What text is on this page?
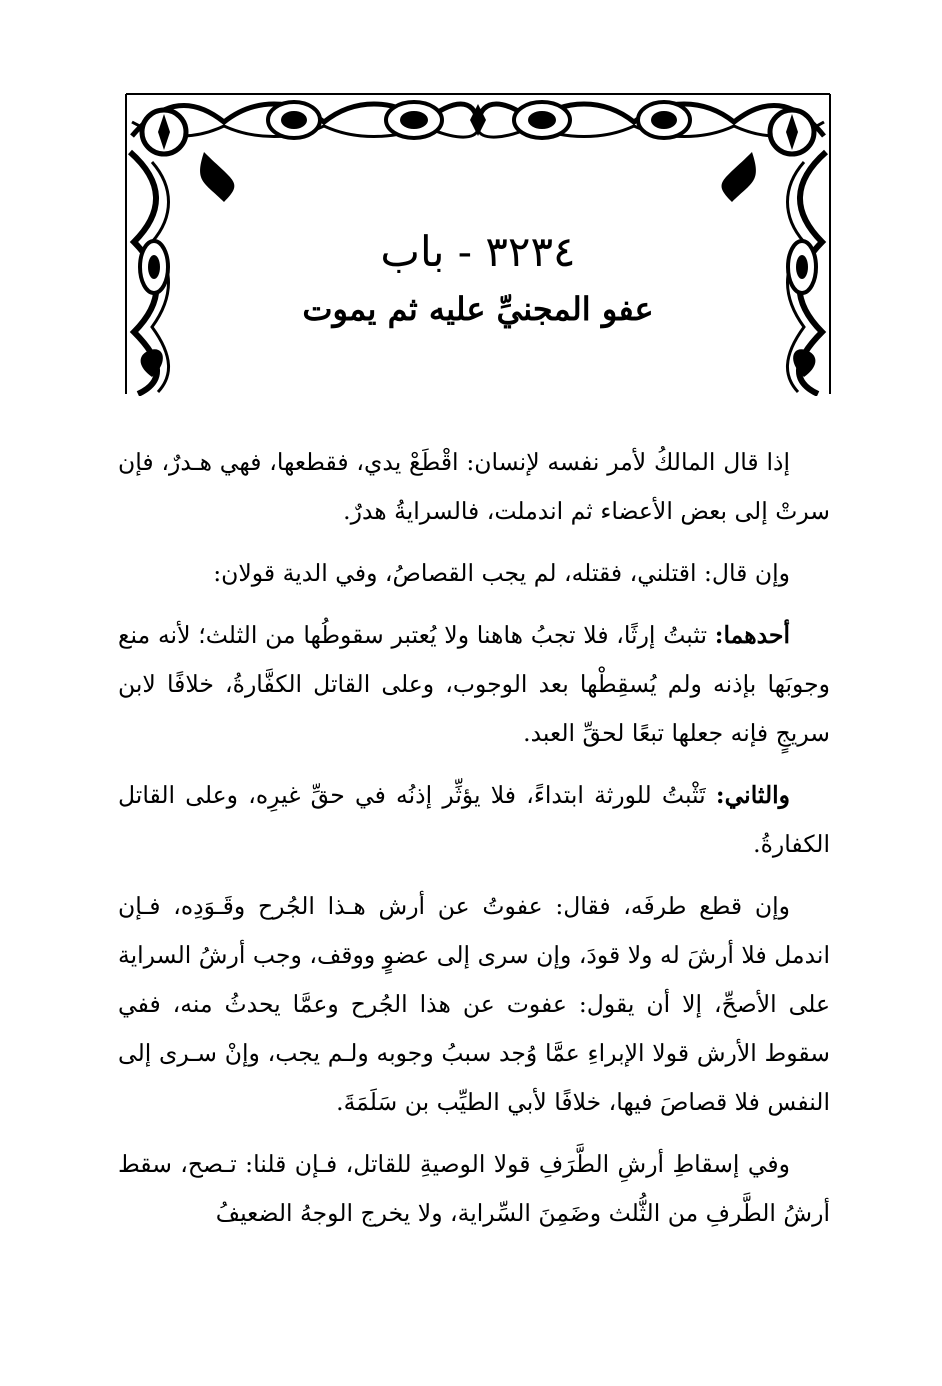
٣٢٣٤ - باب
عفو المجنيِّ عليه ثم يموت

إذا قال المالكُ لأمر نفسه لإنسان: اقْطَعْ يدي، فقطعها، فهي هـدرٌ، فإن سرتْ إلى بعض الأعضاء ثم اندملت، فالسرايةُ هدرٌ.

وإن قال: اقتلني، فقتله، لم يجب القصاصُ، وفي الدية قولان:

أحدهما: تثبتُ إرثًا، فلا تجبُ هاهنا ولا يُعتبر سقوطُها من الثلث؛ لأنه منع وجوبَها بإذنه ولم يُسقِطْها بعد الوجوب، وعلى القاتل الكفَّارةُ، خلافًا لابن سريجٍ فإنه جعلها تبعًا لحقِّ العبد.

والثاني: تَثْبتُ للورثة ابتداءً، فلا يؤثِّر إذنُه في حقِّ غيرِه، وعلى القاتل الكفارةُ.

وإن قطع طرفَه، فقال: عفوتُ عن أرش هـذا الجُرح وقَـوَدِه، فـإن اندمل فلا أرشَ له ولا قودَ، وإن سرى إلى عضوٍ ووقف، وجب أرشُ السراية على الأصحِّ، إلا أن يقول: عفوت عن هذا الجُرح وعمَّا يحدثُ منه، ففي سقوط الأرش قولا الإبراءِ عمَّا وُجد سببُ وجوبه ولـم يجب، وإنْ سـرى إلى النفس فلا قصاصَ فيها، خلافًا لأبي الطيِّب بن سَلَمَةَ.

وفي إسقاطِ أرشِ الطَّرَفِ قولا الوصيةِ للقاتل، فـإن قلنا: تـصح، سقط أرشُ الطَّرفِ من الثُّلث وضَمِنَ السِّراية، ولا يخرج الوجهُ الضعيفُ
